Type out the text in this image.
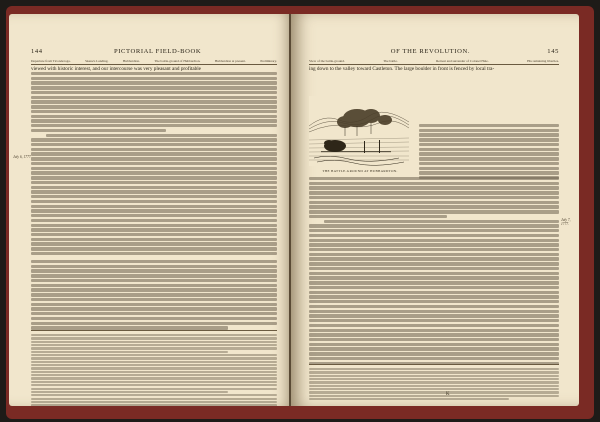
144	PICTORIAL FIELD-BOOK

Departure from Ticonderoga.	Skene's Landing.	Hubbardton.	The battle-ground of Hubbardton.	Hubbardton at present.	Preliminary.
viewed with historic interest, and our intercourse was very pleasant and profitable
July 6, 1777.

OF THE REVOLUTION.	145
View of the battle-ground.	The battle.	Retreat and surrender of Colonel Hale.	His remaining liberties.
ing down to the valley toward Castleton. The large boulder in front is fenced by local tra-
THE BATTLE-GROUND AT HUBBARDTON.
July 7, 1777.
K
